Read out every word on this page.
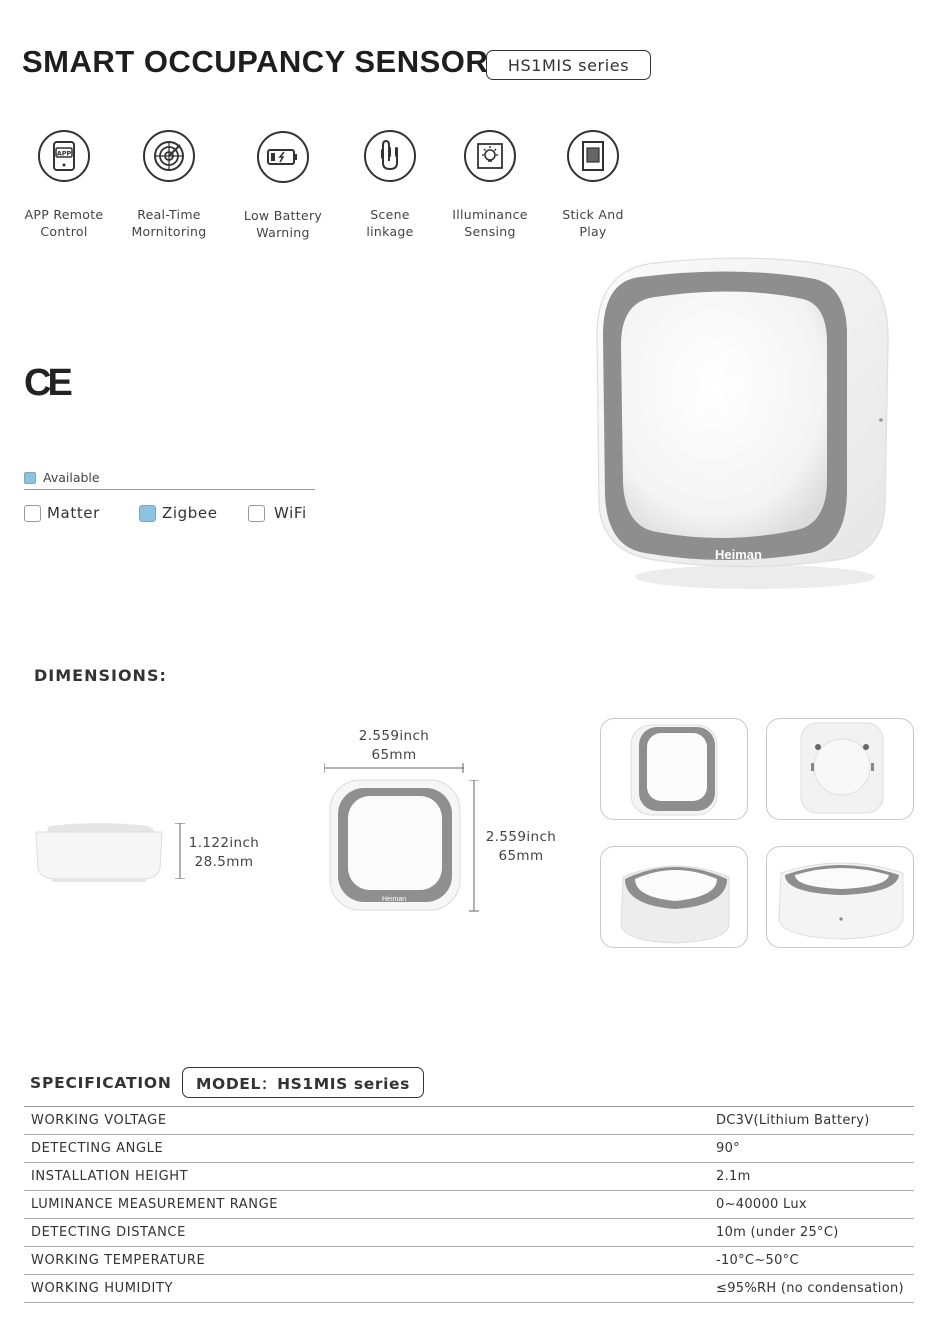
SMART OCCUPANCY SENSOR	HS1MIS series
APP
APP Remote
Control
Real-Time
Mornitoring
Low Battery
Warning
Scene
linkage
Illuminance
Sensing
Stick And
Play
CE
Available
Matter	Zigbee	WiFi
Heiman
DIMENSIONS:
1.122inch
28.5mm
2.559inch
65mm
Heiman
2.559inch
65mm
SPECIFICATION	MODEL：HS1MIS series
WORKING VOLTAGE	DC3V(Lithium Battery)
DETECTING ANGLE	90°
INSTALLATION HEIGHT	2.1m
LUMINANCE MEASUREMENT RANGE	0~40000 Lux
DETECTING DISTANCE	10m (under 25°C)
WORKING TEMPERATURE	-10°C~50°C
WORKING HUMIDITY	≤95%RH (no condensation)
